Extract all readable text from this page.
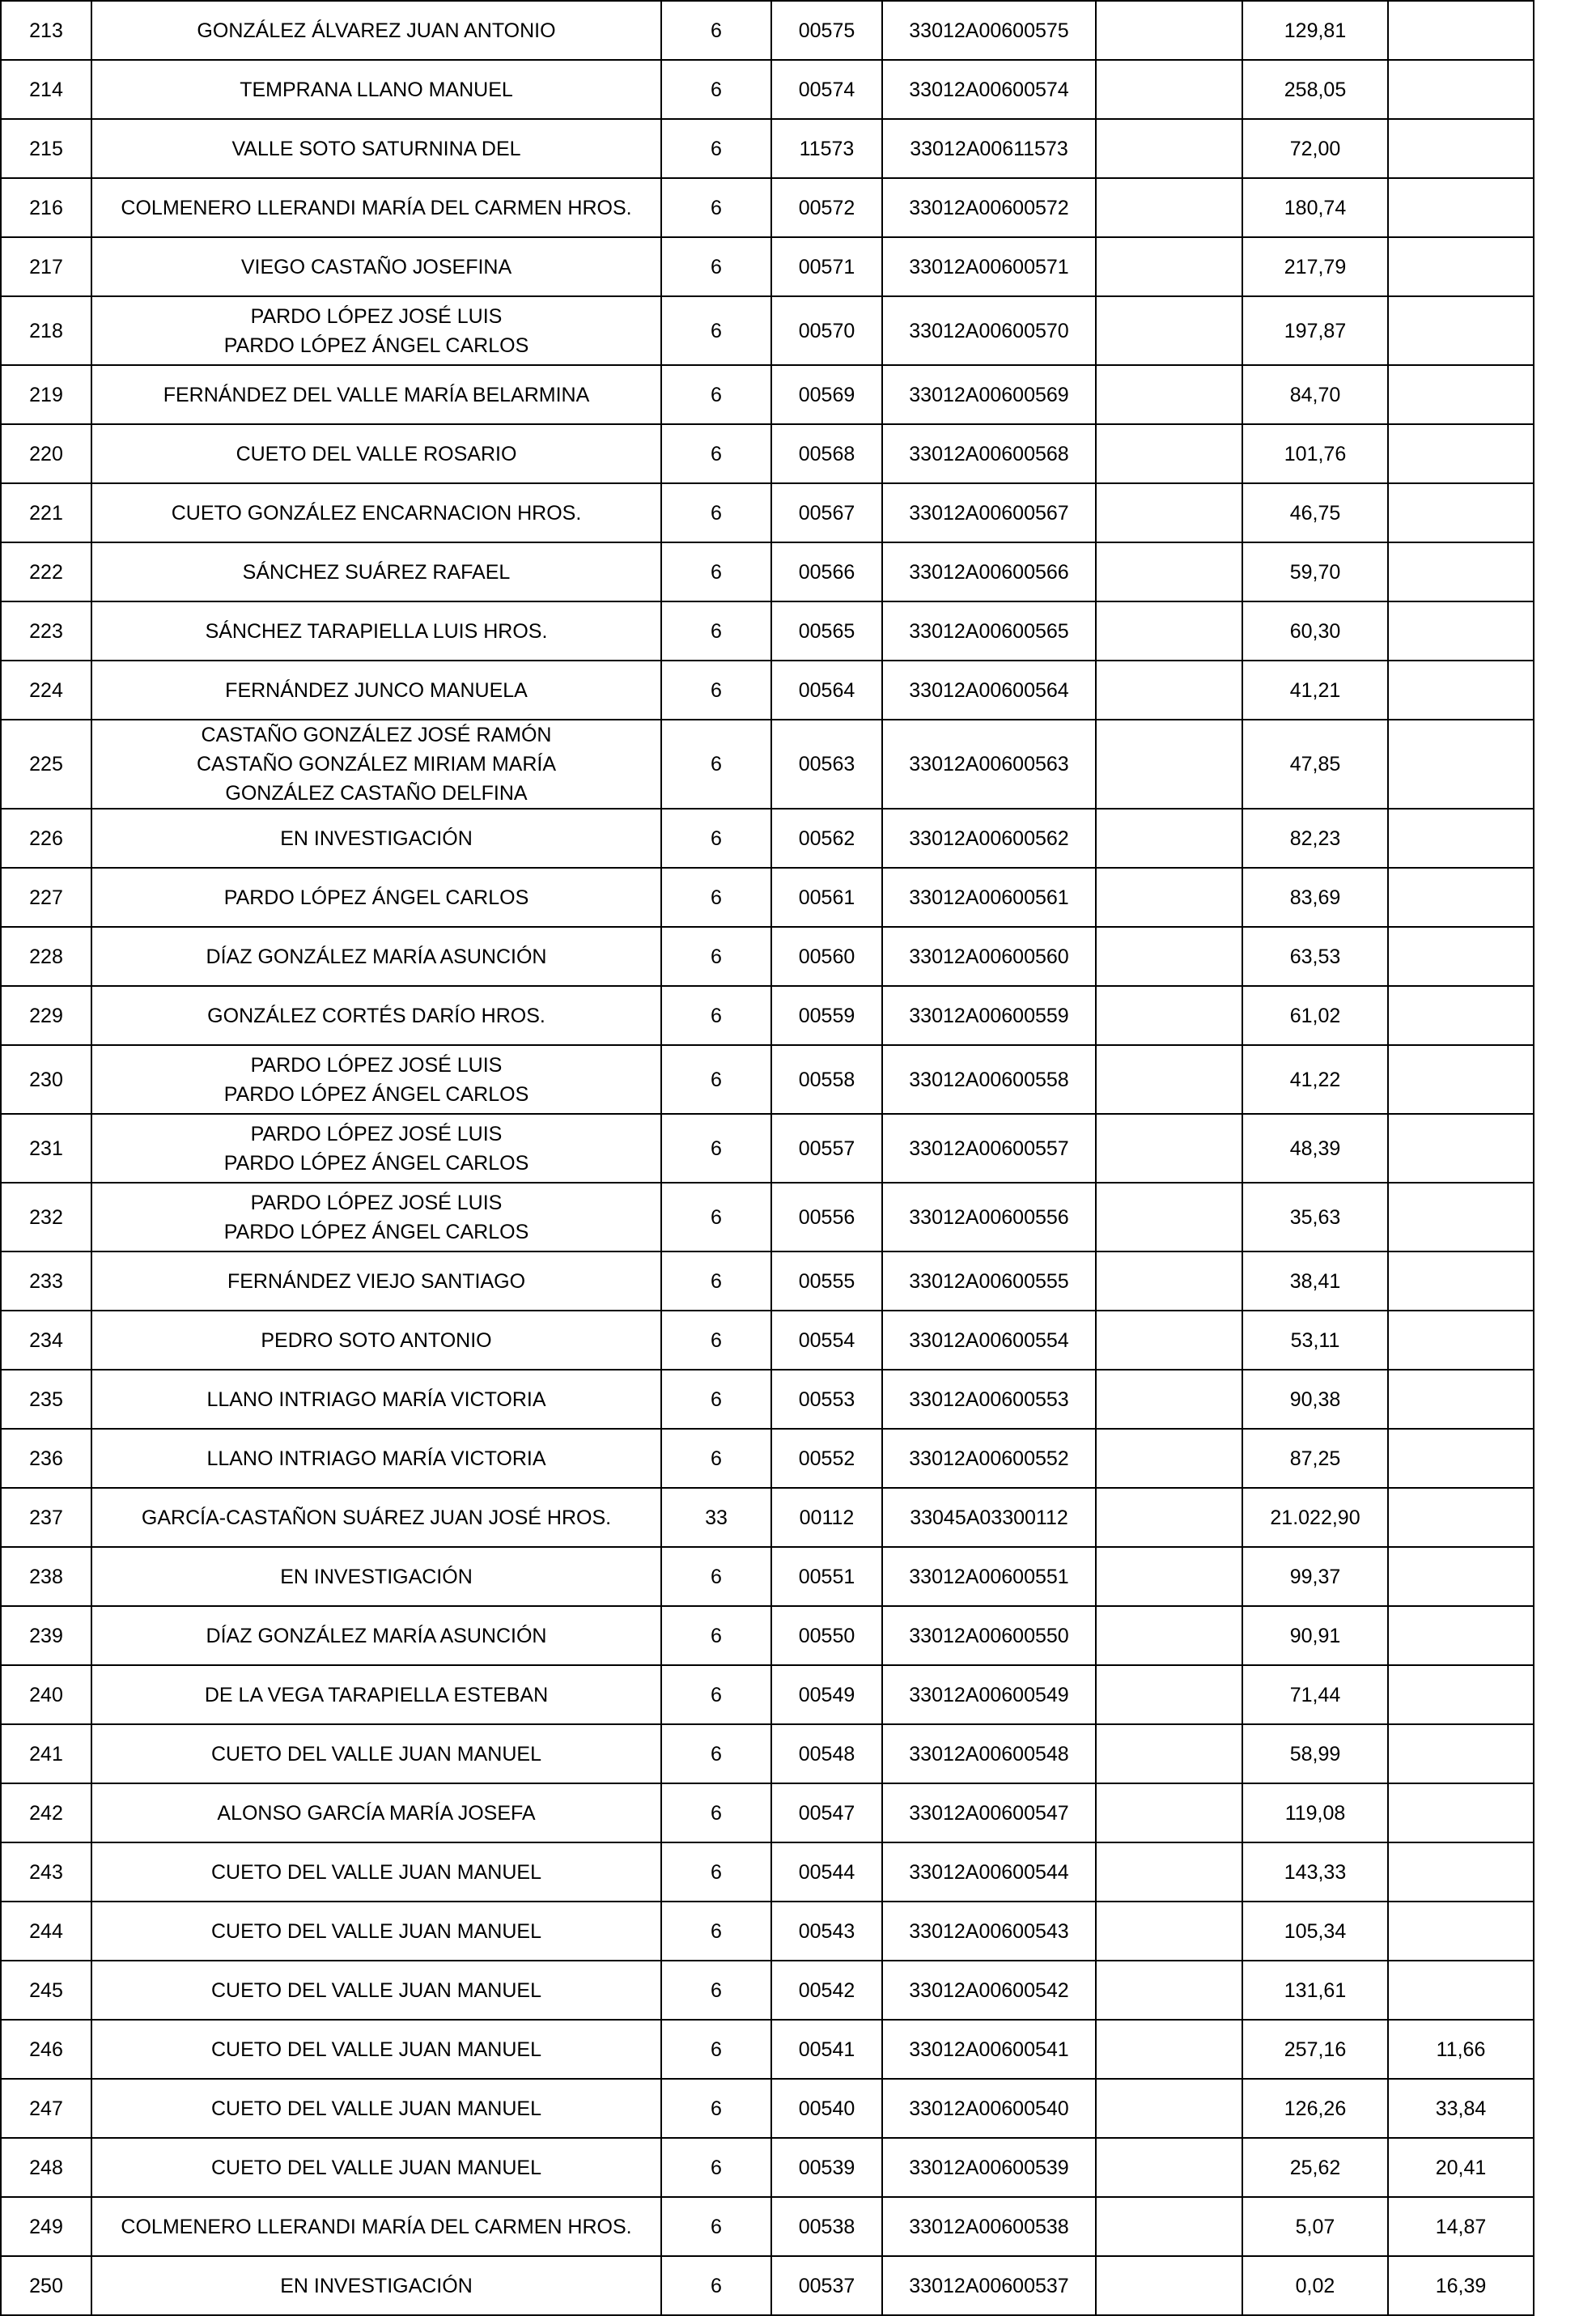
213	GONZÁLEZ ÁLVAREZ JUAN ANTONIO	6	00575	33012A00600575		129,81	
214	TEMPRANA LLANO MANUEL	6	00574	33012A00600574		258,05	
215	VALLE SOTO SATURNINA DEL	6	11573	33012A00611573		72,00	
216	COLMENERO LLERANDI MARÍA DEL CARMEN HROS.	6	00572	33012A00600572		180,74	
217	VIEGO CASTAÑO JOSEFINA	6	00571	33012A00600571		217,79	
218	PARDO LÓPEZ JOSÉ LUIS
PARDO LÓPEZ ÁNGEL CARLOS	6	00570	33012A00600570		197,87	
219	FERNÁNDEZ DEL VALLE MARÍA BELARMINA	6	00569	33012A00600569		84,70	
220	CUETO DEL VALLE ROSARIO	6	00568	33012A00600568		101,76	
221	CUETO GONZÁLEZ ENCARNACION HROS.	6	00567	33012A00600567		46,75	
222	SÁNCHEZ SUÁREZ RAFAEL	6	00566	33012A00600566		59,70	
223	SÁNCHEZ TARAPIELLA LUIS HROS.	6	00565	33012A00600565		60,30	
224	FERNÁNDEZ JUNCO MANUELA	6	00564	33012A00600564		41,21	
225	CASTAÑO GONZÁLEZ JOSÉ RAMÓN
CASTAÑO GONZÁLEZ MIRIAM MARÍA
GONZÁLEZ CASTAÑO DELFINA	6	00563	33012A00600563		47,85	
226	EN INVESTIGACIÓN	6	00562	33012A00600562		82,23	
227	PARDO LÓPEZ ÁNGEL CARLOS	6	00561	33012A00600561		83,69	
228	DÍAZ GONZÁLEZ MARÍA ASUNCIÓN	6	00560	33012A00600560		63,53	
229	GONZÁLEZ CORTÉS DARÍO HROS.	6	00559	33012A00600559		61,02	
230	PARDO LÓPEZ JOSÉ LUIS
PARDO LÓPEZ ÁNGEL CARLOS	6	00558	33012A00600558		41,22	
231	PARDO LÓPEZ JOSÉ LUIS
PARDO LÓPEZ ÁNGEL CARLOS	6	00557	33012A00600557		48,39	
232	PARDO LÓPEZ JOSÉ LUIS
PARDO LÓPEZ ÁNGEL CARLOS	6	00556	33012A00600556		35,63	
233	FERNÁNDEZ VIEJO SANTIAGO	6	00555	33012A00600555		38,41	
234	PEDRO SOTO ANTONIO	6	00554	33012A00600554		53,11	
235	LLANO INTRIAGO MARÍA VICTORIA	6	00553	33012A00600553		90,38	
236	LLANO INTRIAGO MARÍA VICTORIA	6	00552	33012A00600552		87,25	
237	GARCÍA-CASTAÑON SUÁREZ JUAN JOSÉ HROS.	33	00112	33045A03300112		21.022,90	
238	EN INVESTIGACIÓN	6	00551	33012A00600551		99,37	
239	DÍAZ GONZÁLEZ MARÍA ASUNCIÓN	6	00550	33012A00600550		90,91	
240	DE LA VEGA TARAPIELLA ESTEBAN	6	00549	33012A00600549		71,44	
241	CUETO DEL VALLE JUAN MANUEL	6	00548	33012A00600548		58,99	
242	ALONSO GARCÍA MARÍA JOSEFA	6	00547	33012A00600547		119,08	
243	CUETO DEL VALLE JUAN MANUEL	6	00544	33012A00600544		143,33	
244	CUETO DEL VALLE JUAN MANUEL	6	00543	33012A00600543		105,34	
245	CUETO DEL VALLE JUAN MANUEL	6	00542	33012A00600542		131,61	
246	CUETO DEL VALLE JUAN MANUEL	6	00541	33012A00600541		257,16	11,66
247	CUETO DEL VALLE JUAN MANUEL	6	00540	33012A00600540		126,26	33,84
248	CUETO DEL VALLE JUAN MANUEL	6	00539	33012A00600539		25,62	20,41
249	COLMENERO LLERANDI MARÍA DEL CARMEN HROS.	6	00538	33012A00600538		5,07	14,87
250	EN INVESTIGACIÓN	6	00537	33012A00600537		0,02	16,39
